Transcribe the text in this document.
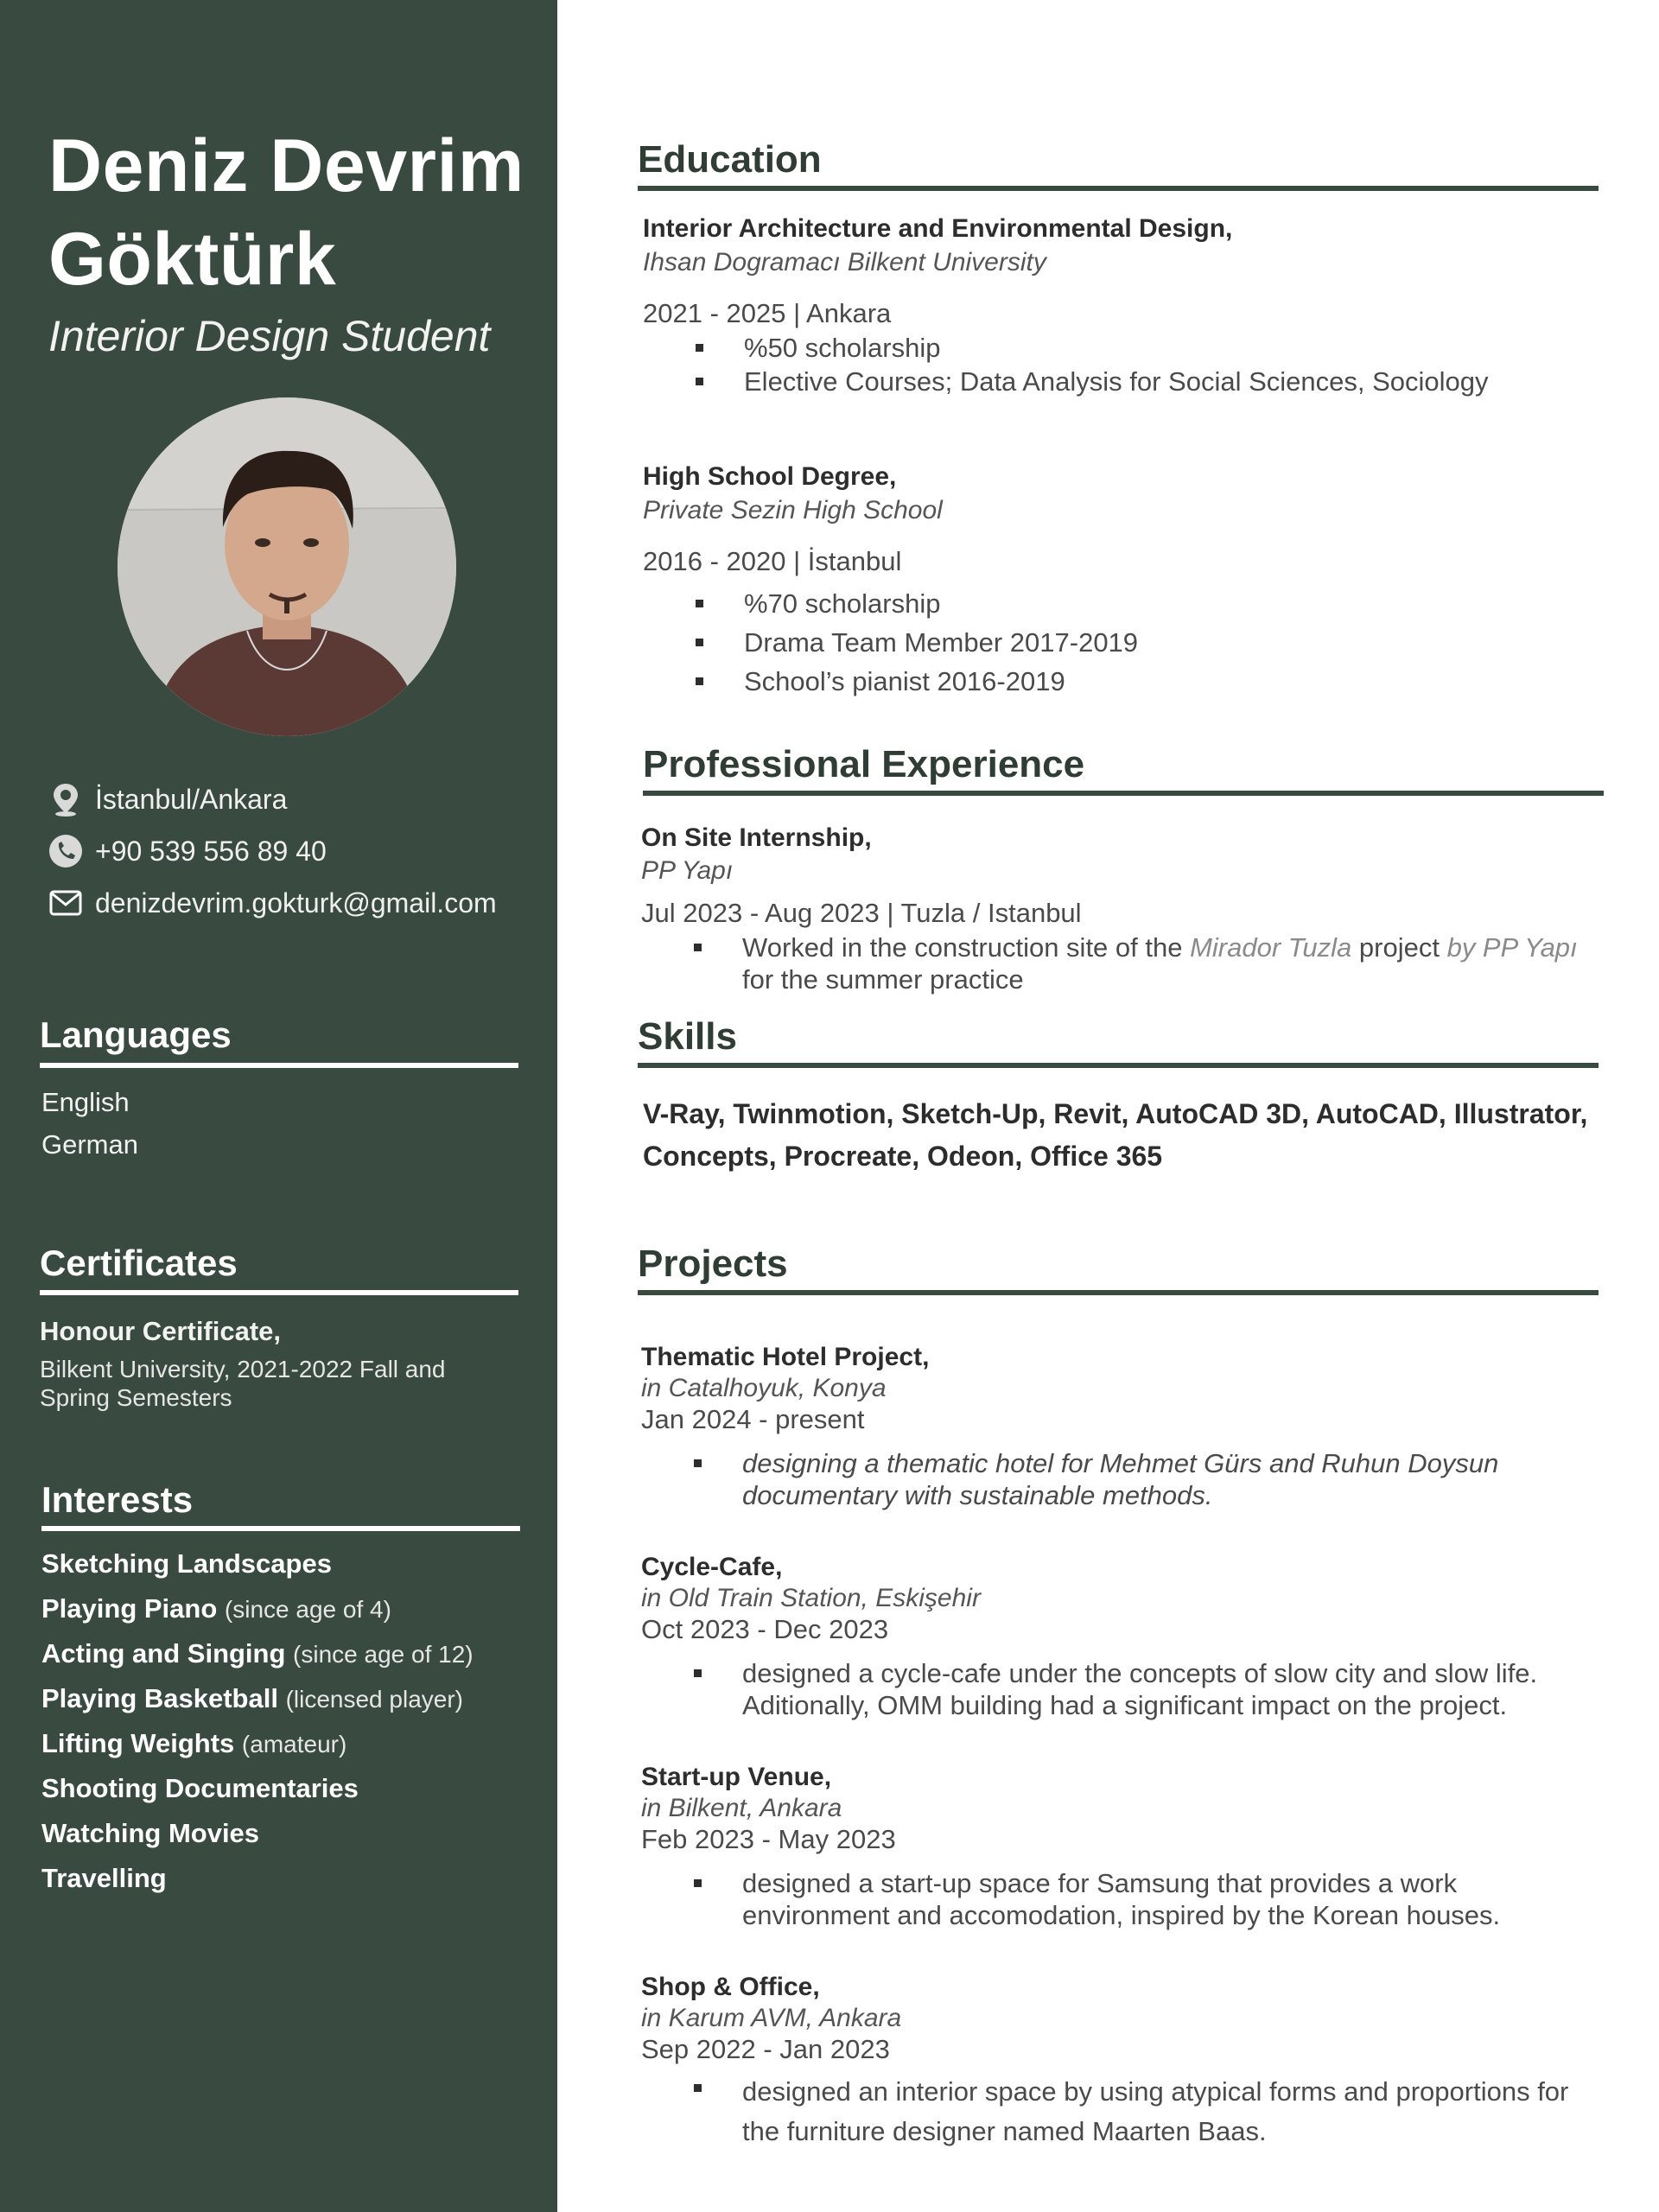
Deniz Devrim
Göktürk
Interior Design Student
İstanbul/Ankara
+90 539 556 89 40
denizdevrim.gokturk@gmail.com
Languages
English
German
Certificates
Honour Certificate,
Bilkent University, 2021-2022 Fall and
Spring Semesters
Interests
Sketching Landscapes
Playing Piano (since age of 4)
Acting and Singing (since age of 12)
Playing Basketball (licensed player)
Lifting Weights (amateur)
Shooting Documentaries
Watching Movies
Travelling
Education
Interior Architecture and Environmental Design,
Ihsan Dogramacı Bilkent University
2021 - 2025 | Ankara
%50 scholarship
Elective Courses; Data Analysis for Social Sciences, Sociology
High School Degree,
Private Sezin High School
2016 - 2020 | İstanbul
%70 scholarship
Drama Team Member 2017-2019
School’s pianist 2016-2019
Professional Experience
On Site Internship,
PP Yapı
Jul 2023 - Aug 2023 | Tuzla / Istanbul
Worked in the construction site of the Mirador Tuzla project by PP Yapı
for the summer practice
Skills
V-Ray, Twinmotion, Sketch-Up, Revit, AutoCAD 3D, AutoCAD, Illustrator,
Concepts, Procreate, Odeon, Office 365
Projects
Thematic Hotel Project,
in Catalhoyuk, Konya
Jan 2024 - present
designing a thematic hotel for Mehmet Gürs and Ruhun Doysun
documentary with sustainable methods.
Cycle-Cafe,
in Old Train Station, Eskişehir
Oct 2023 - Dec 2023
designed a cycle-cafe under the concepts of slow city and slow life.
Aditionally, OMM building had a significant impact on the project.
Start-up Venue,
in Bilkent, Ankara
Feb 2023 - May 2023
designed a start-up space for Samsung that provides a work
environment and accomodation, inspired by the Korean houses.
Shop & Office,
in Karum AVM, Ankara
Sep 2022 - Jan 2023
designed an interior space by using atypical forms and proportions for
the furniture designer named Maarten Baas.
